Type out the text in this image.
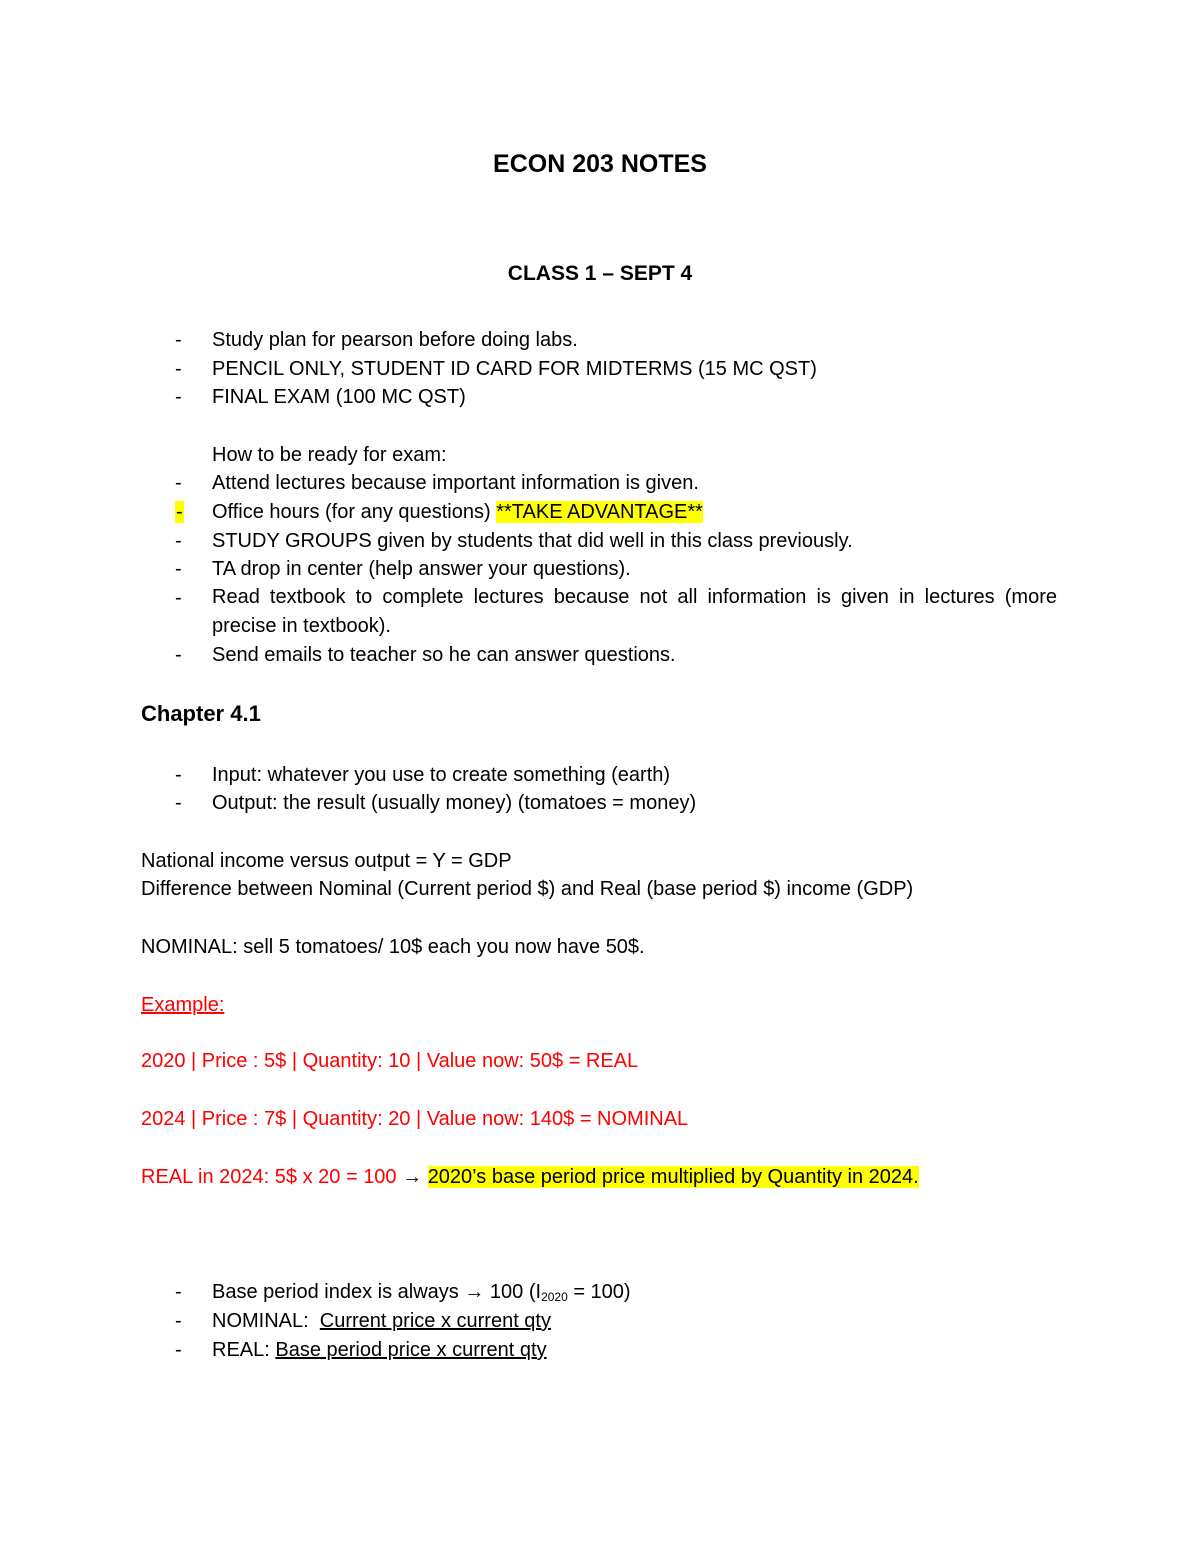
ECON 203 NOTES
CLASS 1 – SEPT 4
-	Study plan for pearson before doing labs.
-	PENCIL ONLY, STUDENT ID CARD FOR MIDTERMS (15 MC QST)
-	FINAL EXAM (100 MC QST)
How to be ready for exam:
-	Attend lectures because important information is given.
-	Office hours (for any questions) **TAKE ADVANTAGE**
-	STUDY GROUPS given by students that did well in this class previously.
-	TA drop in center (help answer your questions).
-	Read textbook to complete lectures because not all information is given in lectures (more precise in textbook).
-	Send emails to teacher so he can answer questions.
Chapter 4.1
-	Input: whatever you use to create something (earth)
-	Output: the result (usually money) (tomatoes = money)
National income versus output = Y = GDP
Difference between Nominal (Current period $) and Real (base period $) income (GDP)
NOMINAL: sell 5 tomatoes/ 10$ each you now have 50$.
Example:
2020 | Price : 5$ | Quantity: 10 | Value now: 50$ = REAL
2024 | Price : 7$ | Quantity: 20 | Value now: 140$ = NOMINAL
REAL in 2024: 5$ x 20 = 100 → 2020’s base period price multiplied by Quantity in 2024.
-	Base period index is always → 100 $(I_{2020} = 100)$
-	NOMINAL:  Current price x current qty
-	REAL: Base period price x current qty
